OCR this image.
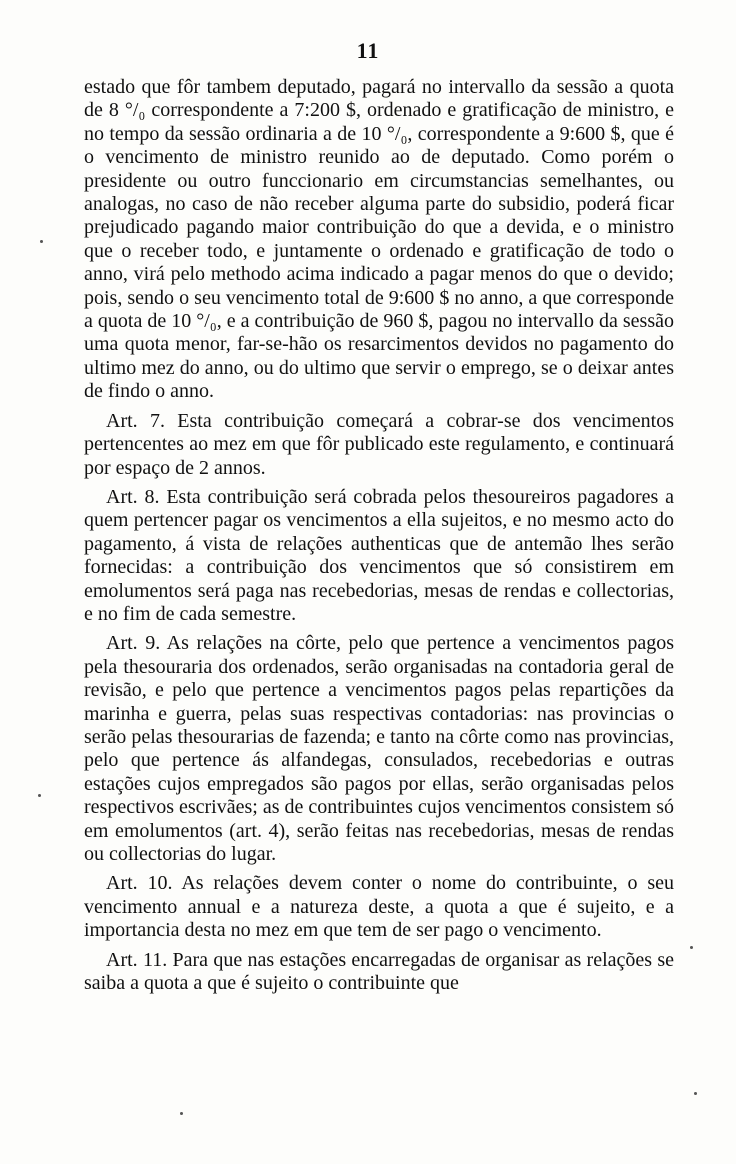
11

estado que fôr tambem deputado, pagará no intervallo da sessão a quota de 8 °/₀ correspondente a 7:200 $, ordenado e gratificação de ministro, e no tempo da sessão ordinaria a de 10 °/₀, correspondente a 9:600 $, que é o vencimento de ministro reunido ao de deputado. Como porém o presidente ou outro funccionario em circumstancias semelhantes, ou analogas, no caso de não receber alguma parte do subsidio, poderá ficar prejudicado pagando maior contribuição do que a devida, e o ministro que o receber todo, e juntamente o ordenado e gratificação de todo o anno, virá pelo methodo acima indicado a pagar menos do que o devido; pois, sendo o seu vencimento total de 9:600 $ no anno, a que corresponde a quota de 10 °/₀, e a contribuição de 960 $, pagou no intervallo da sessão uma quota menor, far-se-hão os resarcimentos devidos no pagamento do ultimo mez do anno, ou do ultimo que servir o emprego, se o deixar antes de findo o anno.

Art. 7. Esta contribuição começará a cobrar-se dos vencimentos pertencentes ao mez em que fôr publicado este regulamento, e continuará por espaço de 2 annos.

Art. 8. Esta contribuição será cobrada pelos thesoureiros pagadores a quem pertencer pagar os vencimentos a ella sujeitos, e no mesmo acto do pagamento, á vista de relações authenticas que de antemão lhes serão fornecidas: a contribuição dos vencimentos que só consistirem em emolumentos será paga nas recebedorias, mesas de rendas e collectorias, e no fim de cada semestre.

Art. 9. As relações na côrte, pelo que pertence a vencimentos pagos pela thesouraria dos ordenados, serão organisadas na contadoria geral de revisão, e pelo que pertence a vencimentos pagos pelas repartições da marinha e guerra, pelas suas respectivas contadorias: nas provincias o serão pelas thesourarias de fazenda; e tanto na côrte como nas provincias, pelo que pertence ás alfandegas, consulados, recebedorias e outras estações cujos empregados são pagos por ellas, serão organisadas pelos respectivos escrivães; as de contribuintes cujos vencimentos consistem só em emolumentos (art. 4), serão feitas nas recebedorias, mesas de rendas ou collectorias do lugar.

Art. 10. As relações devem conter o nome do contribuinte, o seu vencimento annual e a natureza deste, a quota a que é sujeito, e a importancia desta no mez em que tem de ser pago o vencimento.

Art. 11. Para que nas estações encarregadas de organisar as relações se saiba a quota a que é sujeito o contribuinte que
